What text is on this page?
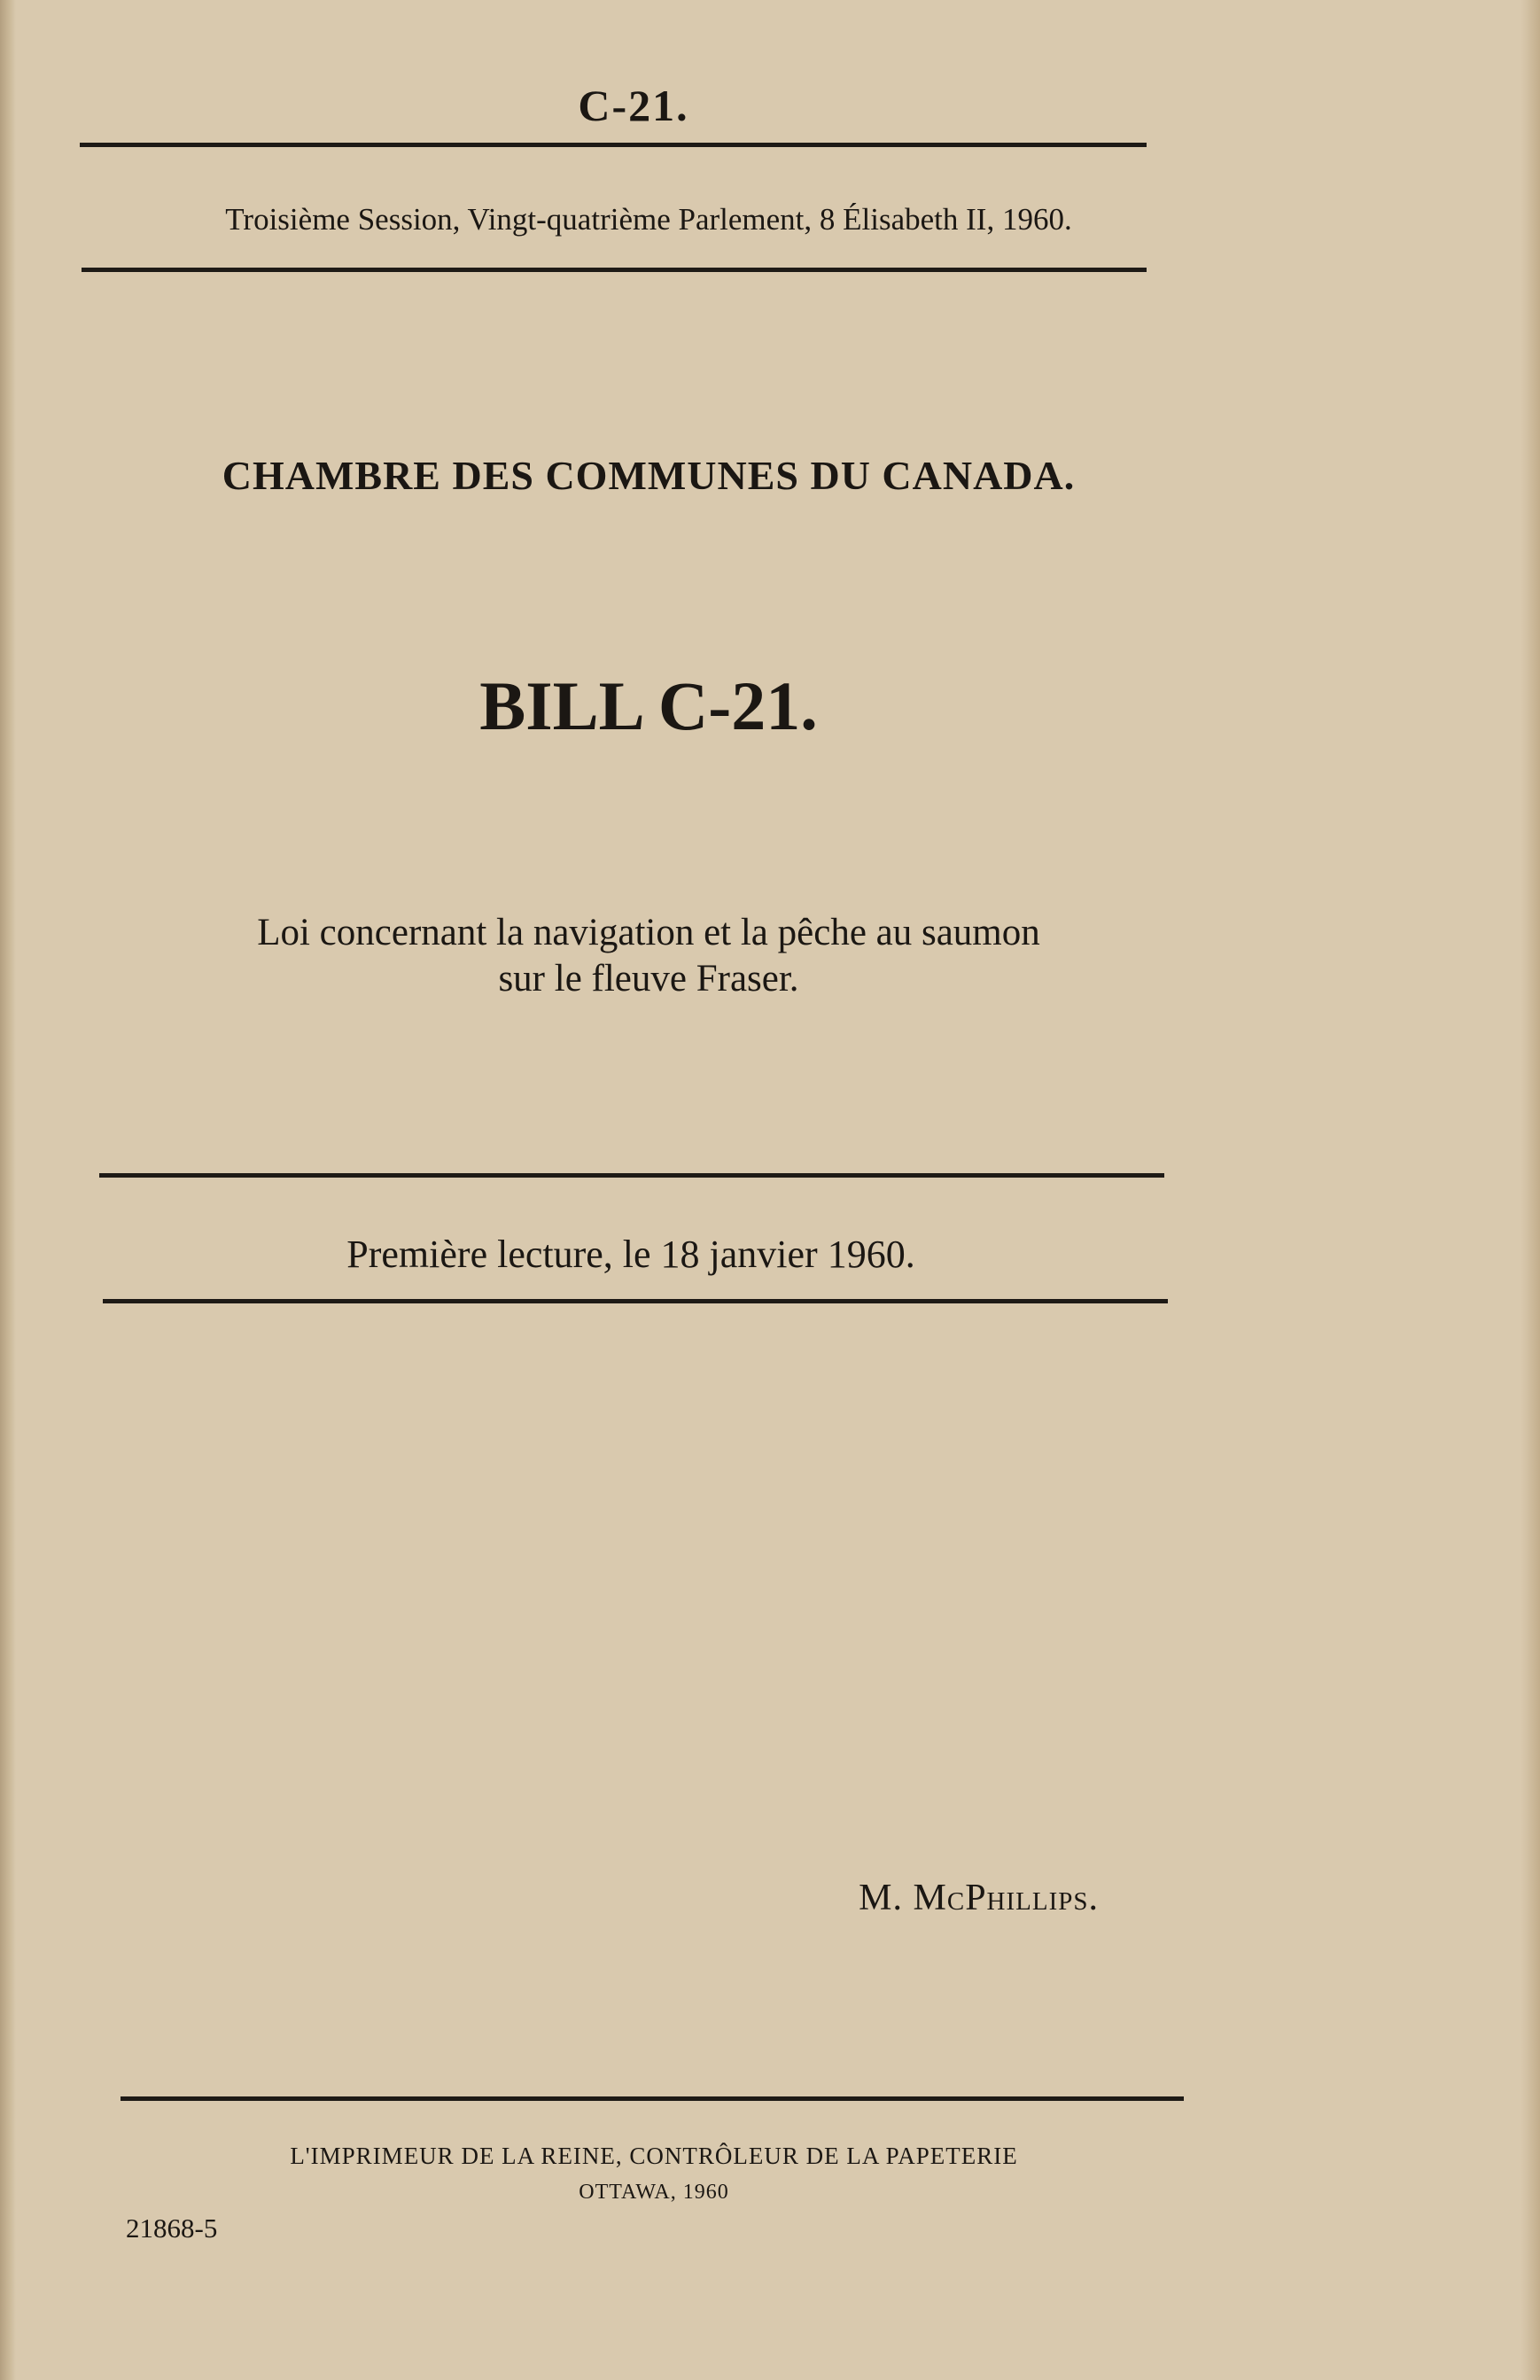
C-21.

Troisième Session, Vingt-quatrième Parlement, 8 Élisabeth II, 1960.

CHAMBRE DES COMMUNES DU CANADA.

BILL C-21.

Loi concernant la navigation et la pêche au saumon

sur le fleuve Fraser.

Première lecture, le 18 janvier 1960.

M. McPhillips.

L'IMPRIMEUR DE LA REINE, CONTRÔLEUR DE LA PAPETERIE

OTTAWA, 1960

21868-5
